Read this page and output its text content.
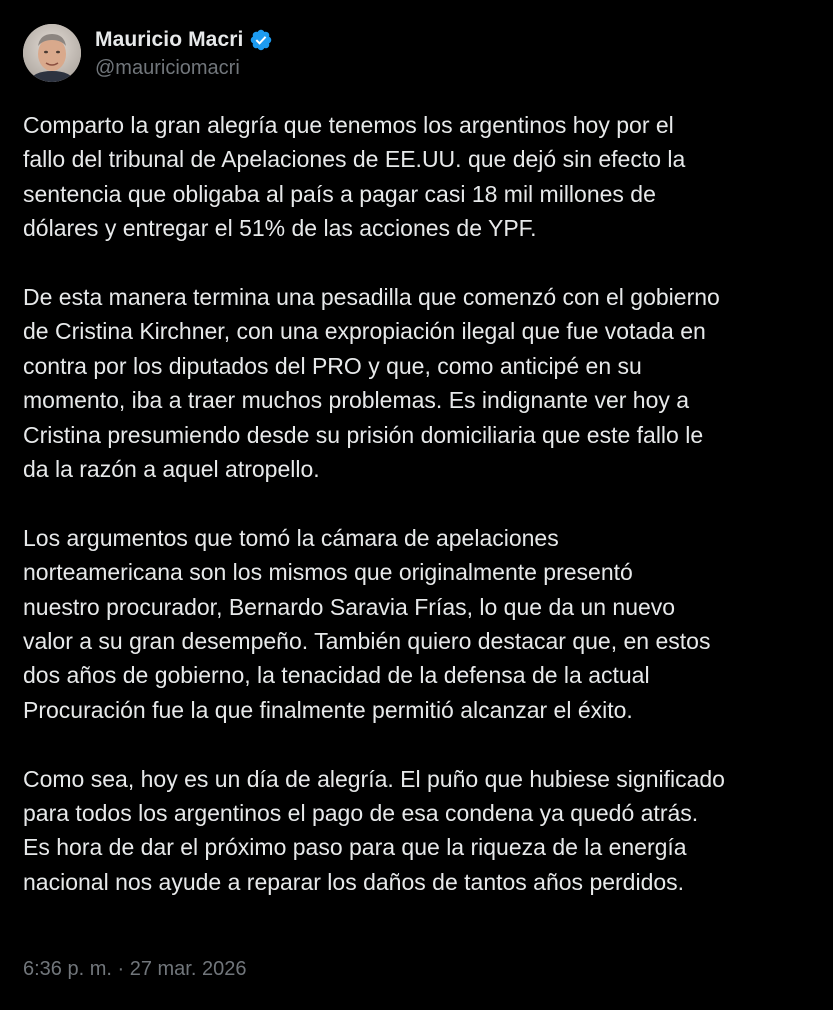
Mauricio Macri
@mauriciomacri

Comparto la gran alegría que tenemos los argentinos hoy por el
fallo del tribunal de Apelaciones de EE.UU. que dejó sin efecto la
sentencia que obligaba al país a pagar casi 18 mil millones de
dólares y entregar el 51% de las acciones de YPF.

De esta manera termina una pesadilla que comenzó con el gobierno
de Cristina Kirchner, con una expropiación ilegal que fue votada en
contra por los diputados del PRO y que, como anticipé en su
momento, iba a traer muchos problemas. Es indignante ver hoy a
Cristina presumiendo desde su prisión domiciliaria que este fallo le
da la razón a aquel atropello.

Los argumentos que tomó la cámara de apelaciones
norteamericana son los mismos que originalmente presentó
nuestro procurador, Bernardo Saravia Frías, lo que da un nuevo
valor a su gran desempeño. También quiero destacar que, en estos
dos años de gobierno, la tenacidad de la defensa de la actual
Procuración fue la que finalmente permitió alcanzar el éxito.

Como sea, hoy es un día de alegría. El puño que hubiese significado
para todos los argentinos el pago de esa condena ya quedó atrás.
Es hora de dar el próximo paso para que la riqueza de la energía
nacional nos ayude a reparar los daños de tantos años perdidos.

6:36 p. m. · 27 mar. 2026
